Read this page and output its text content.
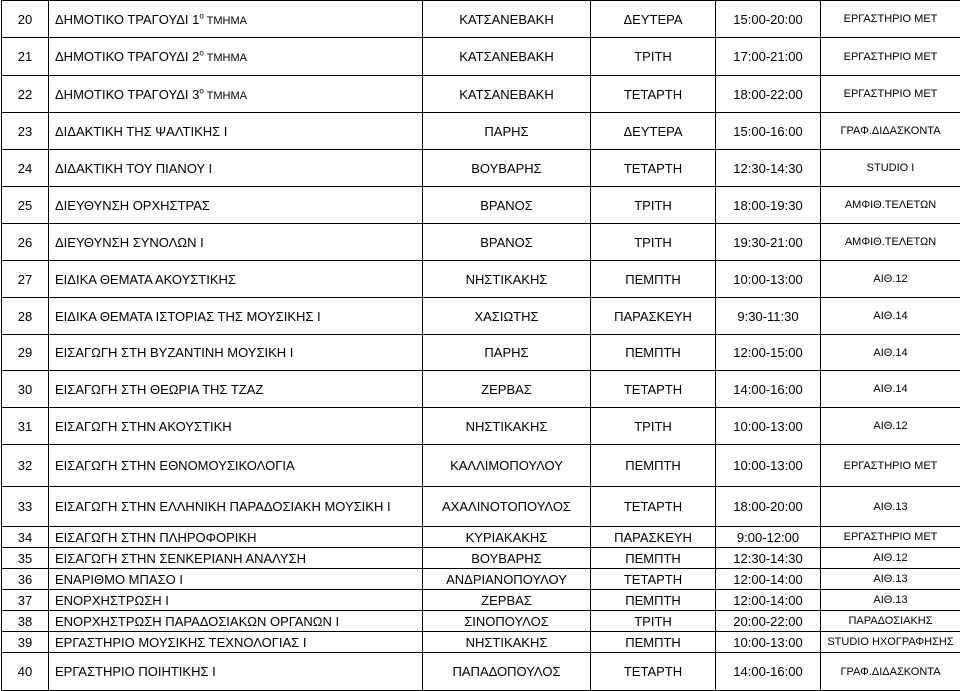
20	ΔΗΜΟΤΙΚΟ ΤΡΑΓΟΥΔΙ $1^o$ ΤΜΗΜΑ	ΚΑΤΣΑΝΕΒΑΚΗ	ΔΕΥΤΕΡΑ	15:00-20:00	ΕΡΓΑΣΤΗΡΙΟ ΜΕΤ
21	ΔΗΜΟΤΙΚΟ ΤΡΑΓΟΥΔΙ $2^o$ ΤΜΗΜΑ	ΚΑΤΣΑΝΕΒΑΚΗ	ΤΡΙΤΗ	17:00-21:00	ΕΡΓΑΣΤΗΡΙΟ ΜΕΤ
22	ΔΗΜΟΤΙΚΟ ΤΡΑΓΟΥΔΙ $3^o$ ΤΜΗΜΑ	ΚΑΤΣΑΝΕΒΑΚΗ	ΤΕΤΑΡΤΗ	18:00-22:00	ΕΡΓΑΣΤΗΡΙΟ ΜΕΤ
23	ΔΙΔΑΚΤΙΚΗ ΤΗΣ ΨΑΛΤΙΚΗΣ Ι	ΠΑΡΗΣ	ΔΕΥΤΕΡΑ	15:00-16:00	ΓΡΑΦ.ΔΙΔΑΣΚΟΝΤΑ
24	ΔΙΔΑΚΤΙΚΗ ΤΟΥ ΠΙΑΝΟΥ Ι	ΒΟΥΒΑΡΗΣ	ΤΕΤΑΡΤΗ	12:30-14:30	STUDIO I
25	ΔΙΕΥΘΥΝΣΗ ΟΡΧΗΣΤΡΑΣ	ΒΡΑΝΟΣ	ΤΡΙΤΗ	18:00-19:30	ΑΜΦΙΘ.ΤΕΛΕΤΩΝ
26	ΔΙΕΥΘΥΝΣΗ ΣΥΝΟΛΩΝ Ι	ΒΡΑΝΟΣ	ΤΡΙΤΗ	19:30-21:00	ΑΜΦΙΘ.ΤΕΛΕΤΩΝ
27	ΕΙΔΙΚΑ ΘΕΜΑΤΑ ΑΚΟΥΣΤΙΚΗΣ	ΝΗΣΤΙΚΑΚΗΣ	ΠΕΜΠΤΗ	10:00-13:00	ΑΙΘ.12
28	ΕΙΔΙΚΑ ΘΕΜΑΤΑ ΙΣΤΟΡΙΑΣ ΤΗΣ ΜΟΥΣΙΚΗΣ Ι	ΧΑΣΙΩΤΗΣ	ΠΑΡΑΣΚΕΥΗ	9:30-11:30	ΑΙΘ.14
29	ΕΙΣΑΓΩΓΗ ΣΤΗ ΒΥΖΑΝΤΙΝΗ ΜΟΥΣΙΚΗ Ι	ΠΑΡΗΣ	ΠΕΜΠΤΗ	12:00-15:00	ΑΙΘ.14
30	ΕΙΣΑΓΩΓΗ ΣΤΗ ΘΕΩΡΙΑ ΤΗΣ ΤΖΑΖ	ΖΕΡΒΑΣ	ΤΕΤΑΡΤΗ	14:00-16:00	ΑΙΘ.14
31	ΕΙΣΑΓΩΓΗ ΣΤΗΝ ΑΚΟΥΣΤΙΚΗ	ΝΗΣΤΙΚΑΚΗΣ	ΤΡΙΤΗ	10:00-13:00	ΑΙΘ.12
32	ΕΙΣΑΓΩΓΗ ΣΤΗΝ ΕΘΝΟΜΟΥΣΙΚΟΛΟΓΙΑ	ΚΑΛΛΙΜΟΠΟΥΛΟΥ	ΠΕΜΠΤΗ	10:00-13:00	ΕΡΓΑΣΤΗΡΙΟ ΜΕΤ
33	ΕΙΣΑΓΩΓΗ ΣΤΗΝ ΕΛΛΗΝΙΚΗ ΠΑΡΑΔΟΣΙΑΚΗ ΜΟΥΣΙΚΗ Ι	ΑΧΑΛΙΝΟΤΟΠΟΥΛΟΣ	ΤΕΤΑΡΤΗ	18:00-20:00	ΑΙΘ.13
34	ΕΙΣΑΓΩΓΗ ΣΤΗΝ ΠΛΗΡΟΦΟΡΙΚΗ	ΚΥΡΙΑΚΑΚΗΣ	ΠΑΡΑΣΚΕΥΗ	9:00-12:00	ΕΡΓΑΣΤΗΡΙΟ ΜΕΤ
35	ΕΙΣΑΓΩΓΗ ΣΤΗΝ ΣΕΝΚΕΡΙΑΝΗ ΑΝΑΛΥΣΗ	ΒΟΥΒΑΡΗΣ	ΠΕΜΠΤΗ	12:30-14:30	ΑΙΘ.12
36	ΕΝΑΡΙΘΜΟ ΜΠΑΣΟ Ι	ΑΝΔΡΙΑΝΟΠΟΥΛΟΥ	ΤΕΤΑΡΤΗ	12:00-14:00	ΑΙΘ.13
37	ΕΝΟΡΧΗΣΤΡΩΣΗ Ι	ΖΕΡΒΑΣ	ΠΕΜΠΤΗ	12:00-14:00	ΑΙΘ.13
38	ΕΝΟΡΧΗΣΤΡΩΣΗ ΠΑΡΑΔΟΣΙΑΚΩΝ ΟΡΓΑΝΩΝ Ι	ΣΙΝΟΠΟΥΛΟΣ	ΤΡΙΤΗ	20:00-22:00	ΠΑΡΑΔΟΣΙΑΚΗΣ
39	ΕΡΓΑΣΤΗΡΙΟ ΜΟΥΣΙΚΗΣ ΤΕΧΝΟΛΟΓΙΑΣ Ι	ΝΗΣΤΙΚΑΚΗΣ	ΠΕΜΠΤΗ	10:00-13:00	STUDIO ΗΧΟΓΡΑΦΗΣΗΣ
40	ΕΡΓΑΣΤΗΡΙΟ ΠΟΙΗΤΙΚΗΣ Ι	ΠΑΠΑΔΟΠΟΥΛΟΣ	ΤΕΤΑΡΤΗ	14:00-16:00	ΓΡΑΦ.ΔΙΔΑΣΚΟΝΤΑ
